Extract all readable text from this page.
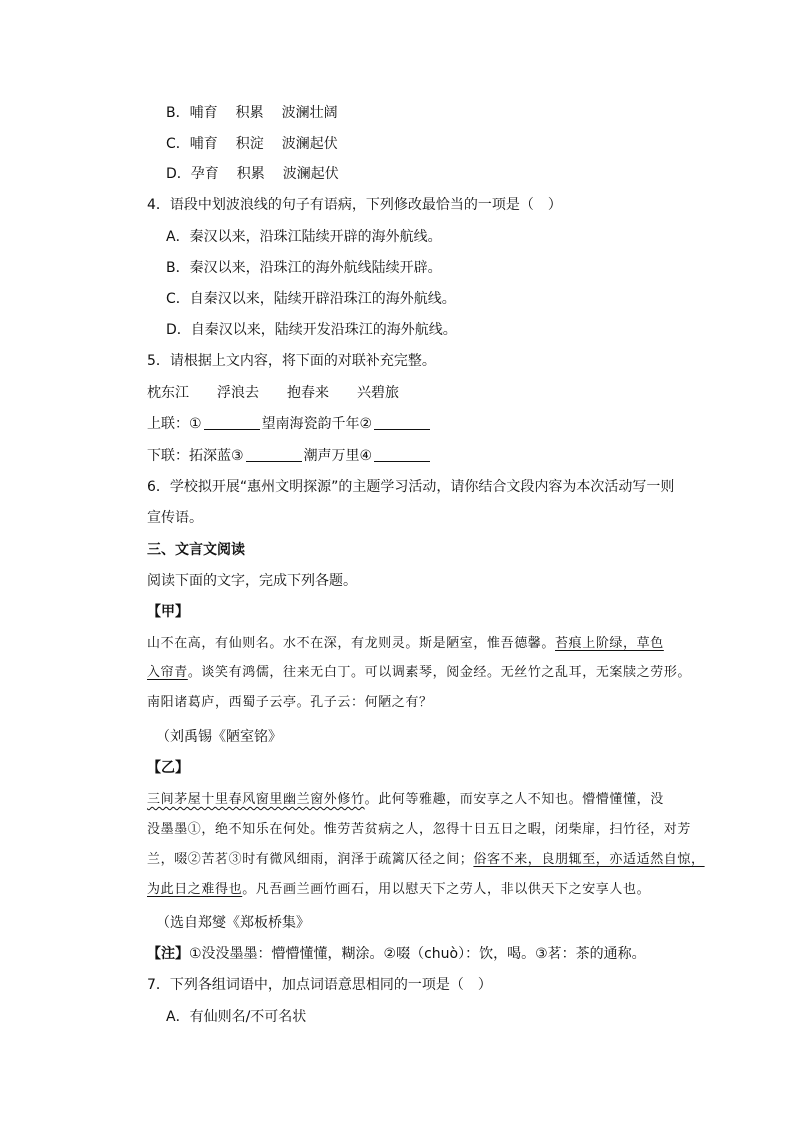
B．哺育 积累 波澜壮阔
C．哺育 积淀 波澜起伏
D．孕育 积累 波澜起伏
4．语段中划波浪线的句子有语病，下列修改最恰当的一项是（　）
A．秦汉以来，沿珠江陆续开辟的海外航线。
B．秦汉以来，沿珠江的海外航线陆续开辟。
C．自秦汉以来，陆续开辟沿珠江的海外航线。
D．自秦汉以来，陆续开发沿珠江的海外航线。
5．请根据上文内容，将下面的对联补充完整。
枕东江 浮浪去 抱春来 兴碧旅
上联：①	望南海瓷韵千年②
下联：拓深蓝③	潮声万里④
6．学校拟开展“惠州文明探源”的主题学习活动，请你结合文段内容为本次活动写一则
宣传语。
三、文言文阅读
阅读下面的文字，完成下列各题。
【甲】
山不在高，有仙则名。水不在深，有龙则灵。斯是陋室，惟吾德馨。苔痕上阶绿，草色
入帘青。谈笑有鸿儒，往来无白丁。可以调素琴，阅金经。无丝竹之乱耳，无案牍之劳形。
南阳诸葛庐，西蜀子云亭。孔子云：何陋之有？
（刘禹锡《陋室铭》
【乙】
三间茅屋十里春风窗里幽兰窗外修竹。此何等雅趣，而安享之人不知也。懵懵懂懂，没
没墨墨①，绝不知乐在何处。惟劳苦贫病之人，忽得十日五日之暇，闭柴扉，扫竹径，对芳
兰，啜②苦茗③时有微风细雨，润泽于疏篱仄径之间；俗客不来，良朋辄至，亦适适然自惊，
为此日之难得也。凡吾画兰画竹画石，用以慰天下之劳人，非以供天下之安享人也。
（选自郑燮《郑板桥集》
【注】①没没墨墨：懵懵懂懂，糊涂。②啜（chuò）：饮，喝。③茗：茶的通称。
7．下列各组词语中，加点词语意思相同的一项是（　）
A．有仙则名/不可名状
